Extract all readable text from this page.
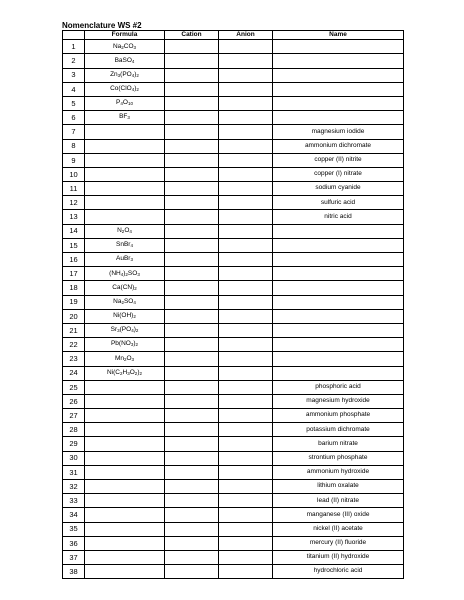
Nomenclature WS #2
	Formula	Cation	Anion	Name
1	$Na_2CO_3$			
2	BaSO$_4$			
3	$Zn_3(PO_4)_2$			
4	$Co(ClO_4)_2$			
5	$P_4O_{10}$			
6	$BF_3$			
7				magnesium iodide
8				ammonium dichromate
9				copper (II) nitrite
10				copper (I) nitrate
11				sodium cyanide
12				sulfuric acid
13				nitric acid
14	$N_2O_4$			
15	SnBr$_4$			
16	AuBr$_3$			
17	$(NH_4)_2SO_3$			
18	$Ca(CN)_2$			
19	$Na_2SO_4$			
20	$Ni(OH)_2$			
21	$Sr_3(PO_4)_2$			
22	$Pb(NO_3)_2$			
23	$Mn_2O_3$			
24	$Ni(C_2H_3O_2)_2$			
25				phosphoric acid
26				magnesium hydroxide
27				ammonium phosphate
28				potassium dichromate
29				barium nitrate
30				strontium phosphate
31				ammonium hydroxide
32				lithium oxalate
33				lead (II) nitrate
34				manganese (III) oxide
35				nickel (II) acetate
36				mercury (II) fluoride
37				titanium (II) hydroxide
38				hydrochloric acid
